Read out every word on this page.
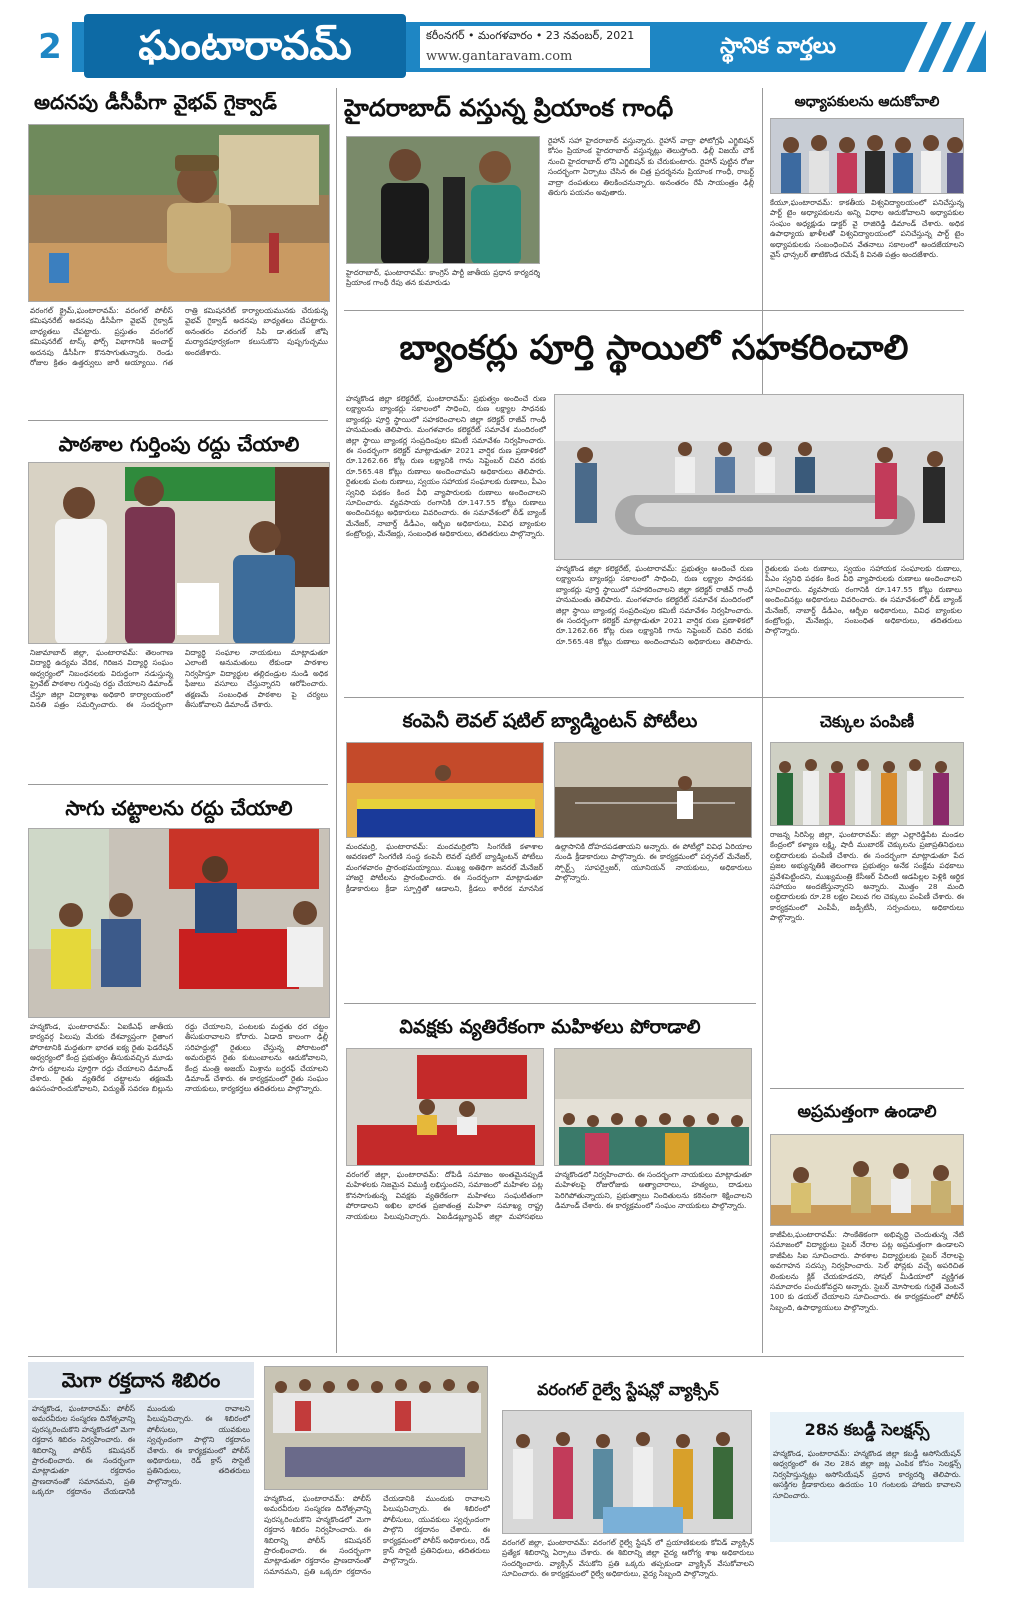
2	ఘంటారావమ్	కరీంనగర్ • మంగళవారం • 23 నవంబర్, 2021
www.gantaravam.com	స్థానిక వార్తలు
అదనపు డీసీపీగా వైభవ్ గైక్వాడ్
వరంగల్ క్రైమ్,ఘంటారావమ్: వరంగల్ పోలీస్ కమిషనరేట్ అదనపు డీసీపీగా వైభవ్ గైక్వాడ్ బాధ్యతలు చేపట్టారు. ప్రస్తుతం వరంగల్ కమిషనరేట్ టాస్క్ ఫోర్స్ విభాగానికి ఇంచార్జ్ అదనపు డీసీపీగా కొనసాగుతున్నారు. రెండు రోజుల క్రితం ఉత్తర్వులు జారీ అయ్యాయి. గత రాత్రి కమిషనరేట్ కార్యాలయమునకు చేరుకున్న వైభవ్ గైక్వాడ్ అదనపు బాధ్యతలు చేపట్టారు. అనంతరం వరంగల్ సిపి డా.తరుణ్ జోషి మర్యాదపూర్వకంగా కలుసుకొని పుష్పగుచ్ఛము అందజేశారు.
పాఠశాల గుర్తింపు రద్దు చేయాలి
నిజామాబాద్ జిల్లా, ఘంటారావమ్: తెలంగాణ విద్యార్థి ఉద్యమ వేదిక, గిరిజన విద్యార్థి సంఘం ఆధ్వర్యంలో నిబంధనలకు విరుద్ధంగా నడుస్తున్న ప్రైవేట్ పాఠశాల గుర్తింపు రద్దు చేయాలని డిమాండ్ చేస్తూ జిల్లా విద్యాశాఖ అధికారి కార్యాలయంలో వినతి పత్రం సమర్పించారు. ఈ సందర్భంగా విద్యార్థి సంఘాల నాయకులు మాట్లాడుతూ ఎలాంటి అనుమతులు లేకుండా పాఠశాల నిర్వహిస్తూ విద్యార్థుల తల్లిదండ్రుల నుండి అధిక ఫీజులు వసూలు చేస్తున్నారని ఆరోపించారు. తక్షణమే సంబంధిత పాఠశాల పై చర్యలు తీసుకోవాలని డిమాండ్ చేశారు.
సాగు చట్టాలను రద్దు చేయాలి
హన్మకొండ, ఘంటారావమ్: ఏఐకేఎఫ్ జాతీయ కార్యవర్గ పిలుపు మేరకు దేశవ్యాప్తంగా రైతాంగ పోరాటానికి మద్దతుగా భారత ఐక్య రైతు ఫెడరేషన్ ఆధ్వర్యంలో కేంద్ర ప్రభుత్వం తీసుకువచ్చిన మూడు సాగు చట్టాలను పూర్తిగా రద్దు చేయాలని డిమాండ్ చేశారు. రైతు వ్యతిరేక చట్టాలను తక్షణమే ఉపసంహరించుకోవాలని, విద్యుత్ సవరణ బిల్లును రద్దు చేయాలని, పంటలకు మద్దతు ధర చట్టం తీసుకురావాలని కోరారు. ఏడాది కాలంగా ఢిల్లీ సరిహద్దుల్లో రైతులు చేస్తున్న పోరాటంలో అమరులైన రైతు కుటుంబాలను ఆదుకోవాలని, కేంద్ర మంత్రి అజయ్ మిశ్రాను బర్తరఫ్ చేయాలని డిమాండ్ చేశారు. ఈ కార్యక్రమంలో రైతు సంఘం నాయకులు, కార్యకర్తలు తదితరులు పాల్గొన్నారు.
హైదరాబాద్ వస్తున్న ప్రియాంక గాంధీ
హైదరాబాద్, ఘంటారావమ్: కాంగ్రెస్ పార్టీ జాతీయ ప్రధాన కార్యదర్శి ప్రియాంక గాంధీ రేపు తన కుమారుడు
రైహాన్ సహా హైదరాబాద్ వస్తున్నారు. రైహాన్ వాద్రా ఫోటోగ్రఫీ ఎగ్జిబిషన్ కోసం ప్రియాంక హైదరాబాద్ వస్తున్నట్లు తెలుస్తోంది. ఢిల్లీ విజయ్ చౌక్ నుంచి హైదరాబాద్ లోని ఎగ్జిబిషన్ కు చేరుకుంటారు. రైహాన్ పుట్టిన రోజు సందర్భంగా ఏర్పాటు చేసిన ఈ చిత్ర ప్రదర్శనను ప్రియాంక గాంధీ, రాబర్ట్ వాద్రా దంపతులు తిలకించనున్నారు. అనంతరం రేపే సాయంత్రం ఢిల్లీ తిరుగు పయనం అవుతారు.
అధ్యాపకులను ఆదుకోవాలి
కేయూ,ఘంటారావమ్: కాకతీయ విశ్వవిద్యాలయంలో పనిచేస్తున్న పార్ట్ టైం అధ్యాపకులను అన్ని విధాల ఆదుకోవాలని అధ్యాపకుల సంఘం అధ్యక్షుడు డాక్టర్ వై రాజిరెడ్డి డిమాండ్ చేశారు. అధిక ఉపాధ్యాయ ఖాళీలతో విశ్వవిద్యాలయంలో పనిచేస్తున్న పార్ట్ టైం అధ్యాపకులకు సంబంధించిన వేతనాలు సకాలంలో అందజేయాలని వైస్ ఛాన్సలర్ తాటికొండ రమేష్ కి వినతి పత్రం అందజేశారు.
బ్యాంకర్లు పూర్తి స్థాయిలో సహకరించాలి
హన్మకొండ జిల్లా కలెక్టరేట్, ఘంటారావమ్: ప్రభుత్వం అందించే రుణ లక్ష్యాలను బ్యాంకర్లు సకాలంలో సాధించి, రుణ లక్ష్యాల సాధనకు బ్యాంకర్లు పూర్తి స్థాయిలో సహకరించాలని జిల్లా కలెక్టర్ రాజీవ్ గాంధీ హనుమంతు తెలిపారు. మంగళవారం కలెక్టరేట్ సమావేశ మందిరంలో జిల్లా స్థాయి బ్యాంకర్ల సంప్రదింపుల కమిటీ సమావేశం నిర్వహించారు. ఈ సందర్భంగా కలెక్టర్ మాట్లాడుతూ 2021 వార్షిక రుణ ప్రణాళికలో రూ.1262.66 కోట్ల రుణ లక్ష్యానికి గాను సెప్టెంబర్ చివరి వరకు రూ.565.48 కోట్లు రుణాలు అందించామని అధికారులు తెలిపారు. రైతులకు పంట రుణాలు, స్వయం సహాయక సంఘాలకు రుణాలు, పీఎం స్వనిధి పథకం కింద వీధి వ్యాపారులకు రుణాలు అందించాలని సూచించారు. వ్యవసాయ రంగానికి రూ.147.55 కోట్లు రుణాలు అందించినట్లు అధికారులు వివరించారు. ఈ సమావేశంలో లీడ్ బ్యాంక్ మేనేజర్, నాబార్డ్ డీడీఎం, ఆర్బీఐ అధికారులు, వివిధ బ్యాంకుల కంట్రోలర్లు, మేనేజర్లు, సంబంధిత అధికారులు, తదితరులు పాల్గొన్నారు.
హన్మకొండ జిల్లా కలెక్టరేట్, ఘంటారావమ్: ప్రభుత్వం అందించే రుణ లక్ష్యాలను బ్యాంకర్లు సకాలంలో సాధించి, రుణ లక్ష్యాల సాధనకు బ్యాంకర్లు పూర్తి స్థాయిలో సహకరించాలని జిల్లా కలెక్టర్ రాజీవ్ గాంధీ హనుమంతు తెలిపారు. మంగళవారం కలెక్టరేట్ సమావేశ మందిరంలో జిల్లా స్థాయి బ్యాంకర్ల సంప్రదింపుల కమిటీ సమావేశం నిర్వహించారు. ఈ సందర్భంగా కలెక్టర్ మాట్లాడుతూ 2021 వార్షిక రుణ ప్రణాళికలో రూ.1262.66 కోట్ల రుణ లక్ష్యానికి గాను సెప్టెంబర్ చివరి వరకు రూ.565.48 కోట్లు రుణాలు అందించామని అధికారులు తెలిపారు. రైతులకు పంట రుణాలు, స్వయం సహాయక సంఘాలకు రుణాలు, పీఎం స్వనిధి పథకం కింద వీధి వ్యాపారులకు రుణాలు అందించాలని సూచించారు. వ్యవసాయ రంగానికి రూ.147.55 కోట్లు రుణాలు అందించినట్లు అధికారులు వివరించారు. ఈ సమావేశంలో లీడ్ బ్యాంక్ మేనేజర్, నాబార్డ్ డీడీఎం, ఆర్బీఐ అధికారులు, వివిధ బ్యాంకుల కంట్రోలర్లు, మేనేజర్లు, సంబంధిత అధికారులు, తదితరులు పాల్గొన్నారు.
కంపెనీ లెవల్ షటిల్ బ్యాడ్మింటన్ పోటీలు
మందమర్రి, ఘంటారావమ్: మందమర్రిలోని సింగరేణి కళాశాల ఆవరణలో సింగరేణి సంస్థ కంపెనీ లెవల్ షటిల్ బ్యాడ్మింటన్ పోటీలు మంగళవారం ప్రారంభమయ్యాయి. ముఖ్య అతిథిగా జనరల్ మేనేజర్ హాజరై పోటీలను ప్రారంభించారు. ఈ సందర్భంగా మాట్లాడుతూ క్రీడాకారులు క్రీడా స్ఫూర్తితో ఆడాలని, క్రీడలు శారీరక మానసిక ఉల్లాసానికి దోహదపడతాయని అన్నారు. ఈ పోటీల్లో వివిధ ఏరియాల నుండి క్రీడాకారులు పాల్గొన్నారు. ఈ కార్యక్రమంలో పర్సనల్ మేనేజర్, స్పోర్ట్స్ సూపర్వైజర్, యూనియన్ నాయకులు, అధికారులు పాల్గొన్నారు.
చెక్కుల పంపిణీ
రాజన్న సిరిసిల్ల జిల్లా, ఘంటారావమ్: జిల్లా ఎల్లారెడ్డిపేట మండల కేంద్రంలో కళ్యాణ లక్ష్మి, షాదీ ముబారక్ చెక్కులను ప్రజాప్రతినిధులు లబ్ధిదారులకు పంపిణీ చేశారు. ఈ సందర్భంగా మాట్లాడుతూ పేద ప్రజల అభ్యున్నతికి తెలంగాణ ప్రభుత్వం అనేక సంక్షేమ పథకాలు ప్రవేశపెట్టిందని, ముఖ్యమంత్రి కేసీఆర్ పేదింటి ఆడపిల్లల పెళ్లికి ఆర్థిక సహాయం అందజేస్తున్నారని అన్నారు. మొత్తం 28 మంది లబ్ధిదారులకు రూ.28 లక్షల విలువ గల చెక్కులు పంపిణీ చేశారు. ఈ కార్యక్రమంలో ఎంపీపీ, జడ్పీటీసీ, సర్పంచులు, అధికారులు పాల్గొన్నారు.
వివక్షకు వ్యతిరేకంగా మహిళలు పోరాడాలి
వరంగల్ జిల్లా, ఘంటారావమ్: దోపిడీ సమాజం అంతమైనప్పుడే మహిళలకు నిజమైన విముక్తి లభిస్తుందని, సమాజంలో మహిళల పట్ల కొనసాగుతున్న వివక్షకు వ్యతిరేకంగా మహిళలు సంఘటితంగా పోరాడాలని అఖిల భారత ప్రజాతంత్ర మహిళా సమాఖ్య రాష్ట్ర నాయకులు పిలుపునిచ్చారు. ఏఐడీడబ్ల్యూఎఫ్ జిల్లా మహాసభలు హన్మకొండలో నిర్వహించారు. ఈ సందర్భంగా నాయకులు మాట్లాడుతూ మహిళలపై రోజురోజుకు అత్యాచారాలు, హత్యలు, దాడులు పెరిగిపోతున్నాయని, ప్రభుత్వాలు నిందితులను కఠినంగా శిక్షించాలని డిమాండ్ చేశారు. ఈ కార్యక్రమంలో సంఘం నాయకులు పాల్గొన్నారు.
అప్రమత్తంగా ఉండాలి
కాజీపేట,ఘంటారావమ్: సాంకేతికంగా అభివృద్ధి చెందుతున్న నేటి సమాజంలో విద్యార్థులు సైబర్ నేరాల పట్ల అప్రమత్తంగా ఉండాలని కాజీపేట సిఐ సూచించారు. పాఠశాల విద్యార్థులకు సైబర్ నేరాలపై అవగాహన సదస్సు నిర్వహించారు. సెల్ ఫోన్లకు వచ్చే అపరిచిత లింకులను క్లిక్ చేయకూడదని, సోషల్ మీడియాలో వ్యక్తిగత సమాచారం పంచుకోవద్దని అన్నారు. సైబర్ మోసాలకు గురైతే వెంటనే 100 కు డయల్ చేయాలని సూచించారు. ఈ కార్యక్రమంలో పోలీస్ సిబ్బంది, ఉపాధ్యాయులు పాల్గొన్నారు.
మెగా రక్తదాన శిబిరం
హన్మకొండ, ఘంటారావమ్: పోలీస్ అమరవీరుల సంస్మరణ దినోత్సవాన్ని పురస్కరించుకొని హన్మకొండలో మెగా రక్తదాన శిబిరం నిర్వహించారు. ఈ శిబిరాన్ని పోలీస్ కమిషనర్ ప్రారంభించారు. ఈ సందర్భంగా మాట్లాడుతూ రక్తదానం ప్రాణదానంతో సమానమని, ప్రతి ఒక్కరూ రక్తదానం చేయడానికి ముందుకు రావాలని పిలుపునిచ్చారు. ఈ శిబిరంలో పోలీసులు, యువకులు స్వచ్ఛందంగా పాల్గొని రక్తదానం చేశారు. ఈ కార్యక్రమంలో పోలీస్ అధికారులు, రెడ్ క్రాస్ సొసైటీ ప్రతినిధులు, తదితరులు పాల్గొన్నారు.
హన్మకొండ, ఘంటారావమ్: పోలీస్ అమరవీరుల సంస్మరణ దినోత్సవాన్ని పురస్కరించుకొని హన్మకొండలో మెగా రక్తదాన శిబిరం నిర్వహించారు. ఈ శిబిరాన్ని పోలీస్ కమిషనర్ ప్రారంభించారు. ఈ సందర్భంగా మాట్లాడుతూ రక్తదానం ప్రాణదానంతో సమానమని, ప్రతి ఒక్కరూ రక్తదానం చేయడానికి ముందుకు రావాలని పిలుపునిచ్చారు. ఈ శిబిరంలో పోలీసులు, యువకులు స్వచ్ఛందంగా పాల్గొని రక్తదానం చేశారు. ఈ కార్యక్రమంలో పోలీస్ అధికారులు, రెడ్ క్రాస్ సొసైటీ ప్రతినిధులు, తదితరులు పాల్గొన్నారు.
వరంగల్ రైల్వే స్టేషన్లో వ్యాక్సిన్
వరంగల్ జిల్లా, ఘంటారావమ్: వరంగల్ రైల్వే స్టేషన్ లో ప్రయాణికులకు కోవిడ్ వ్యాక్సిన్ ప్రత్యేక శిబిరాన్ని ఏర్పాటు చేశారు. ఈ శిబిరాన్ని జిల్లా వైద్య ఆరోగ్య శాఖ అధికారులు సందర్శించారు. వ్యాక్సిన్ వేసుకోని ప్రతి ఒక్కరు తప్పకుండా వ్యాక్సిన్ వేసుకోవాలని సూచించారు. ఈ కార్యక్రమంలో రైల్వే అధికారులు, వైద్య సిబ్బంది పాల్గొన్నారు.
28న కబడ్డీ సెలక్షన్స్
హన్మకొండ, ఘంటారావమ్: హన్మకొండ జిల్లా కబడ్డీ అసోసియేషన్ ఆధ్వర్యంలో ఈ నెల 28న జిల్లా జట్ల ఎంపిక కోసం సెలక్షన్స్ నిర్వహిస్తున్నట్లు అసోసియేషన్ ప్రధాన కార్యదర్శి తెలిపారు. ఆసక్తిగల క్రీడాకారులు ఉదయం 10 గంటలకు హాజరు కావాలని సూచించారు.
